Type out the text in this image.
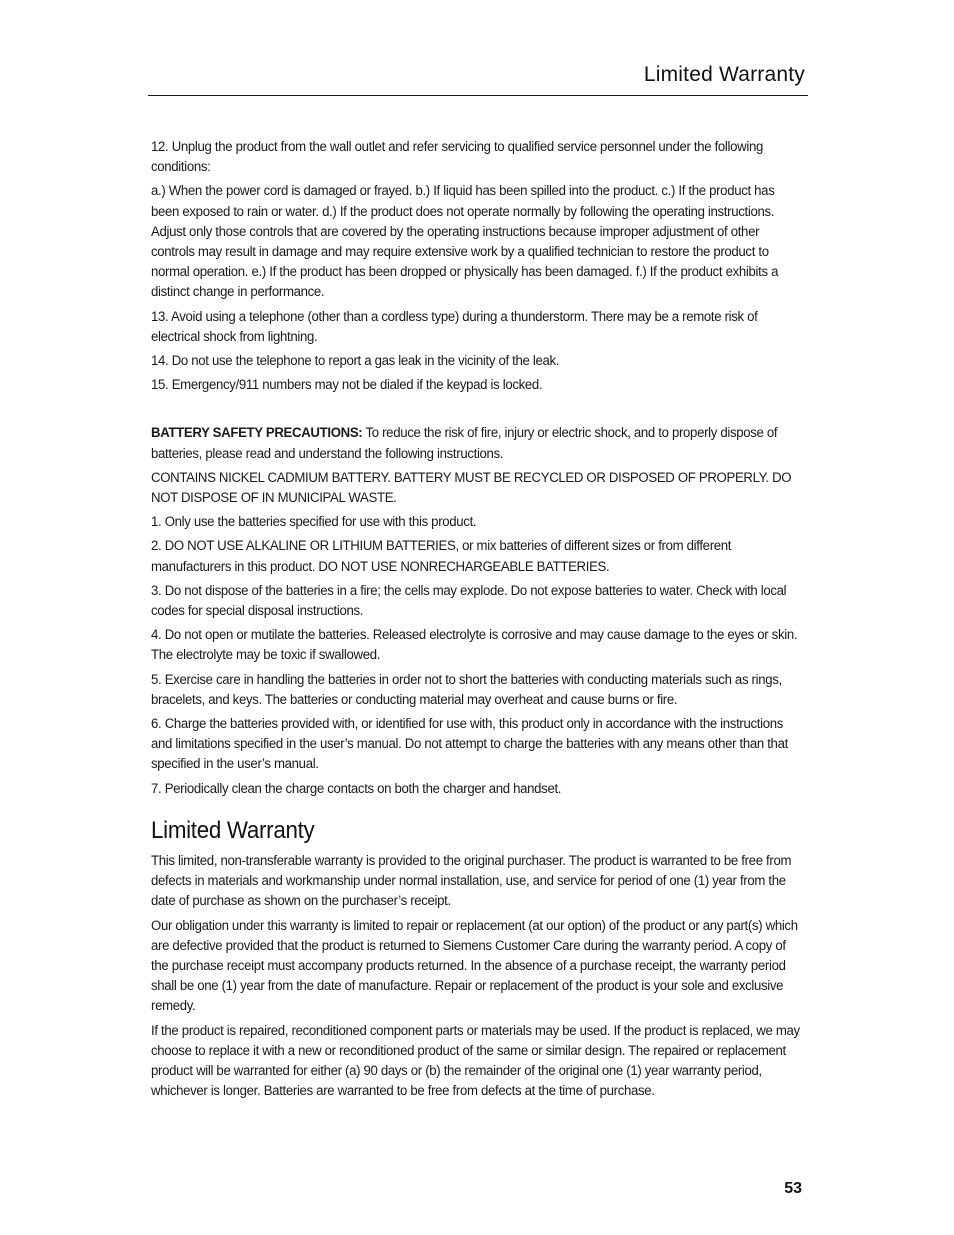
Limited Warranty

12. Unplug the product from the wall outlet and refer servicing to qualified service personnel under the following conditions:

a.) When the power cord is damaged or frayed. b.) If liquid has been spilled into the product. c.) If the product has been exposed to rain or water. d.) If the product does not operate normally by following the operating instructions. Adjust only those controls that are covered by the operating instructions because improper adjustment of other controls may result in damage and may require extensive work by a qualified technician to restore the product to normal operation. e.) If the product has been dropped or physically has been damaged. f.) If the product exhibits a distinct change in performance.

13. Avoid using a telephone (other than a cordless type) during a thunderstorm. There may be a remote risk of electrical shock from lightning.

14. Do not use the telephone to report a gas leak in the vicinity of the leak.

15. Emergency/911 numbers may not be dialed if the keypad is locked.

BATTERY SAFETY PRECAUTIONS: To reduce the risk of fire, injury or electric shock, and to properly dispose of batteries, please read and understand the following instructions.

CONTAINS NICKEL CADMIUM BATTERY. BATTERY MUST BE RECYCLED OR DISPOSED OF PROPERLY. DO NOT DISPOSE OF IN MUNICIPAL WASTE.

1. Only use the batteries specified for use with this product.

2. DO NOT USE ALKALINE OR LITHIUM BATTERIES, or mix batteries of different sizes or from different manufacturers in this product. DO NOT USE NONRECHARGEABLE BATTERIES.

3. Do not dispose of the batteries in a fire; the cells may explode. Do not expose batteries to water. Check with local codes for special disposal instructions.

4. Do not open or mutilate the batteries. Released electrolyte is corrosive and may cause damage to the eyes or skin. The electrolyte may be toxic if swallowed.

5. Exercise care in handling the batteries in order not to short the batteries with conducting materials such as rings, bracelets, and keys. The batteries or conducting material may overheat and cause burns or fire.

6. Charge the batteries provided with, or identified for use with, this product only in accordance with the instructions and limitations specified in the user’s manual. Do not attempt to charge the batteries with any means other than that specified in the user’s manual.

7. Periodically clean the charge contacts on both the charger and handset.

Limited Warranty

This limited, non-transferable warranty is provided to the original purchaser. The product is warranted to be free from defects in materials and workmanship under normal installation, use, and service for period of one (1) year from the date of purchase as shown on the purchaser’s receipt.

Our obligation under this warranty is limited to repair or replacement (at our option) of the product or any part(s) which are defective provided that the product is returned to Siemens Customer Care during the warranty period. A copy of the purchase receipt must accompany products returned. In the absence of a purchase receipt, the warranty period shall be one (1) year from the date of manufacture. Repair or replacement of the product is your sole and exclusive remedy.

If the product is repaired, reconditioned component parts or materials may be used. If the product is replaced, we may choose to replace it with a new or reconditioned product of the same or similar design. The repaired or replacement product will be warranted for either (a) 90 days or (b) the remainder of the original one (1) year warranty period, whichever is longer. Batteries are warranted to be free from defects at the time of purchase.

53
